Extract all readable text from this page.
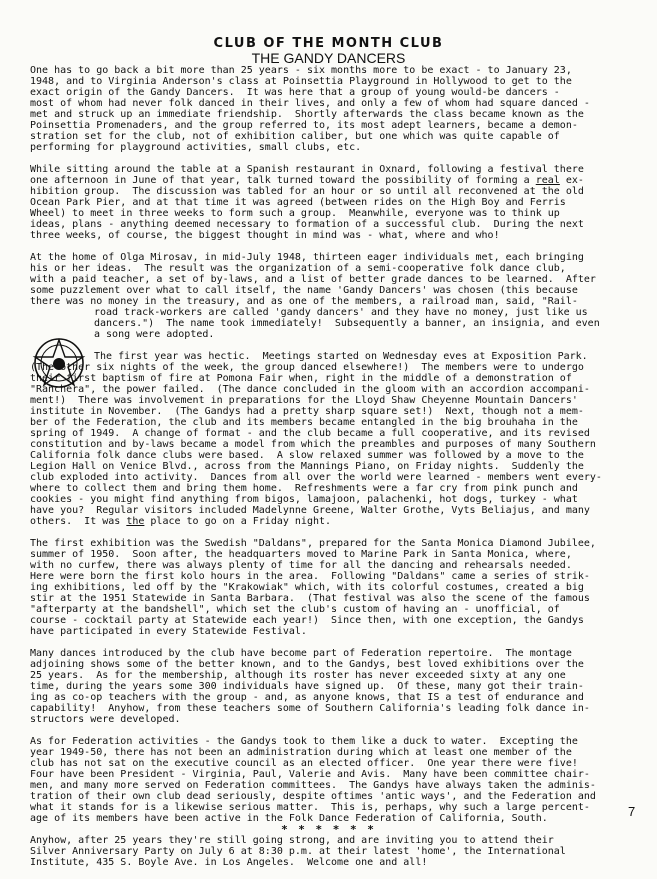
CLUB OF THE MONTH CLUB
THE GANDY DANCERS

One has to go back a bit more than 25 years - six months more to be exact - to January 23,
1948, and to Virginia Anderson's class at Poinsettia Playground in Hollywood to get to the
exact origin of the Gandy Dancers.  It was here that a group of young would-be dancers -
most of whom had never folk danced in their lives, and only a few of whom had square danced -
met and struck up an immediate friendship.  Shortly afterwards the class became known as the
Poinsettia Promenaders, and the group referred to, its most adept learners, became a demon-
stration set for the club, not of exhibition caliber, but one which was quite capable of
performing for playground activities, small clubs, etc.

While sitting around the table at a Spanish restaurant in Oxnard, following a festival there
one afternoon in June of that year, talk turned toward the possibility of forming a real ex-
hibition group.  The discussion was tabled for an hour or so until all reconvened at the old
Ocean Park Pier, and at that time it was agreed (between rides on the High Boy and Ferris
Wheel) to meet in three weeks to form such a group.  Meanwhile, everyone was to think up
ideas, plans - anything deemed necessary to formation of a successful club.  During the next
three weeks, of course, the biggest thought in mind was - what, where and who!

At the home of Olga Mirosav, in mid-July 1948, thirteen eager individuals met, each bringing
his or her ideas.  The result was the organization of a semi-cooperative folk dance club,
with a paid teacher, a set of by-laws, and a list of better grade dances to be learned.  After
some puzzlement over what to call itself, the name 'Gandy Dancers' was chosen (this because
there was no money in the treasury, and as one of the members, a railroad man, said, "Rail-
road track-workers are called 'gandy dancers' and they have no money, just like us
dancers.")  The name took immediately!  Subsequently a banner, an insignia, and even
a song were adopted.

The first year was hectic.  Meetings started on Wednesday eves at Exposition Park.
(The other six nights of the week, the group danced elsewhere!)  The members were to undergo
their first baptism of fire at Pomona Fair when, right in the middle of a demonstration of
"Ranchera", the power failed.  (The dance concluded in the gloom with an accordion accompani-
ment!)  There was involvement in preparations for the Lloyd Shaw Cheyenne Mountain Dancers'
institute in November.  (The Gandys had a pretty sharp square set!)  Next, though not a mem-
ber of the Federation, the club and its members became entangled in the big brouhaha in the
spring of 1949.  A change of format - and the club became a full cooperative, and its revised
constitution and by-laws became a model from which the preambles and purposes of many Southern
California folk dance clubs were based.  A slow relaxed summer was followed by a move to the
Legion Hall on Venice Blvd., across from the Mannings Piano, on Friday nights.  Suddenly the
club exploded into activity.  Dances from all over the world were learned - members went every-
where to collect them and bring them home.  Refreshments were a far cry from pink punch and
cookies - you might find anything from bigos, lamajoon, palachenki, hot dogs, turkey - what
have you?  Regular visitors included Madelynne Greene, Walter Grothe, Vyts Beliajus, and many
others.  It was the place to go on a Friday night.

The first exhibition was the Swedish "Daldans", prepared for the Santa Monica Diamond Jubilee,
summer of 1950.  Soon after, the headquarters moved to Marine Park in Santa Monica, where,
with no curfew, there was always plenty of time for all the dancing and rehearsals needed.
Here were born the first kolo hours in the area.  Following "Daldans" came a series of strik-
ing exhibitions, led off by the "Krakowiak" which, with its colorful costumes, created a big
stir at the 1951 Statewide in Santa Barbara.  (That festival was also the scene of the famous
"afterparty at the bandshell", which set the club's custom of having an - unofficial, of
course - cocktail party at Statewide each year!)  Since then, with one exception, the Gandys
have participated in every Statewide Festival.

Many dances introduced by the club have become part of Federation repertoire.  The montage
adjoining shows some of the better known, and to the Gandys, best loved exhibitions over the
25 years.  As for the membership, although its roster has never exceeded sixty at any one
time, during the years some 300 individuals have signed up.  Of these, many got their train-
ing as co-op teachers with the group - and, as anyone knows, that IS a test of endurance and
capability!  Anyhow, from these teachers some of Southern California's leading folk dance in-
structors were developed.

As for Federation activities - the Gandys took to them like a duck to water.  Excepting the
year 1949-50, there has not been an administration during which at least one member of the
club has not sat on the executive council as an elected officer.  One year there were five!
Four have been President - Virginia, Paul, Valerie and Avis.  Many have been committee chair-
men, and many more served on Federation committees.  The Gandys have always taken the adminis-
tration of their own club dead seriously, despite oftimes 'antic ways', and the Federation and
what it stands for is a likewise serious matter.  This is, perhaps, why such a large percent-
age of its members have been active in the Folk Dance Federation of California, South.

Anyhow, after 25 years they're still going strong, and are inviting you to attend their
Silver Anniversary Party on July 6 at 8:30 p.m. at their latest 'home', the International
Institute, 435 S. Boyle Ave. in Los Angeles.  Welcome one and all!

7
* * * * * *
